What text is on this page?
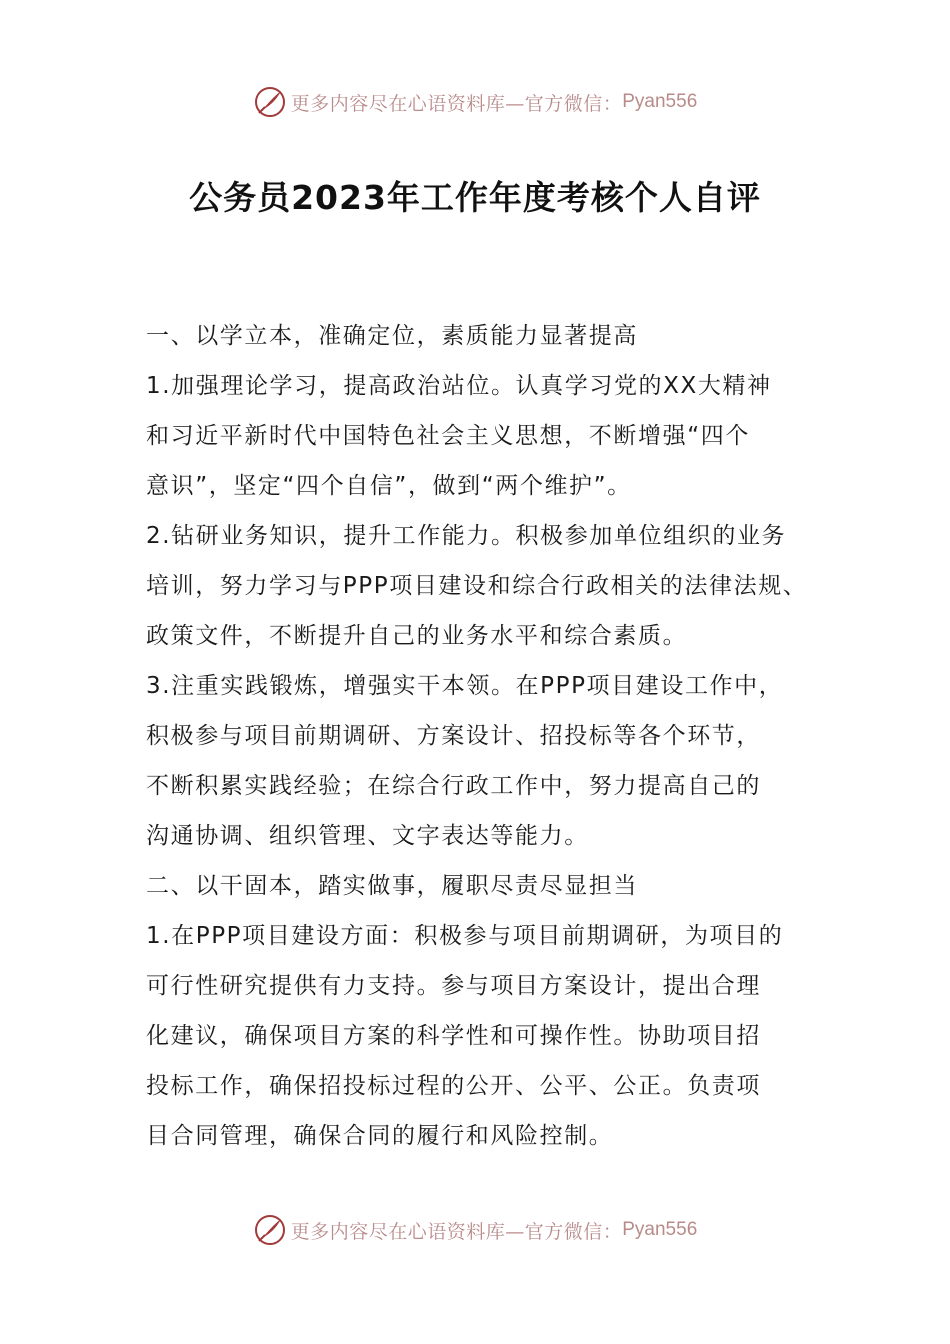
更多内容尽在心语资料库—官方微信： Pyan556
公务员2023年工作年度考核个人自评
一、以学立本，准确定位，素质能力显著提高
1.加强理论学习，提高政治站位。认真学习党的XX大精神
和习近平新时代中国特色社会主义思想，不断增强“四个
意识”，坚定“四个自信”，做到“两个维护”。
2.钻研业务知识，提升工作能力。积极参加单位组织的业务
培训，努力学习与PPP项目建设和综合行政相关的法律法规、
政策文件，不断提升自己的业务水平和综合素质。
3.注重实践锻炼，增强实干本领。在PPP项目建设工作中，
积极参与项目前期调研、方案设计、招投标等各个环节，
不断积累实践经验；在综合行政工作中，努力提高自己的
沟通协调、组织管理、文字表达等能力。
二、以干固本，踏实做事，履职尽责尽显担当
1.在PPP项目建设方面：积极参与项目前期调研，为项目的
可行性研究提供有力支持。参与项目方案设计，提出合理
化建议，确保项目方案的科学性和可操作性。协助项目招
投标工作，确保招投标过程的公开、公平、公正。负责项
目合同管理，确保合同的履行和风险控制。
更多内容尽在心语资料库—官方微信： Pyan556
